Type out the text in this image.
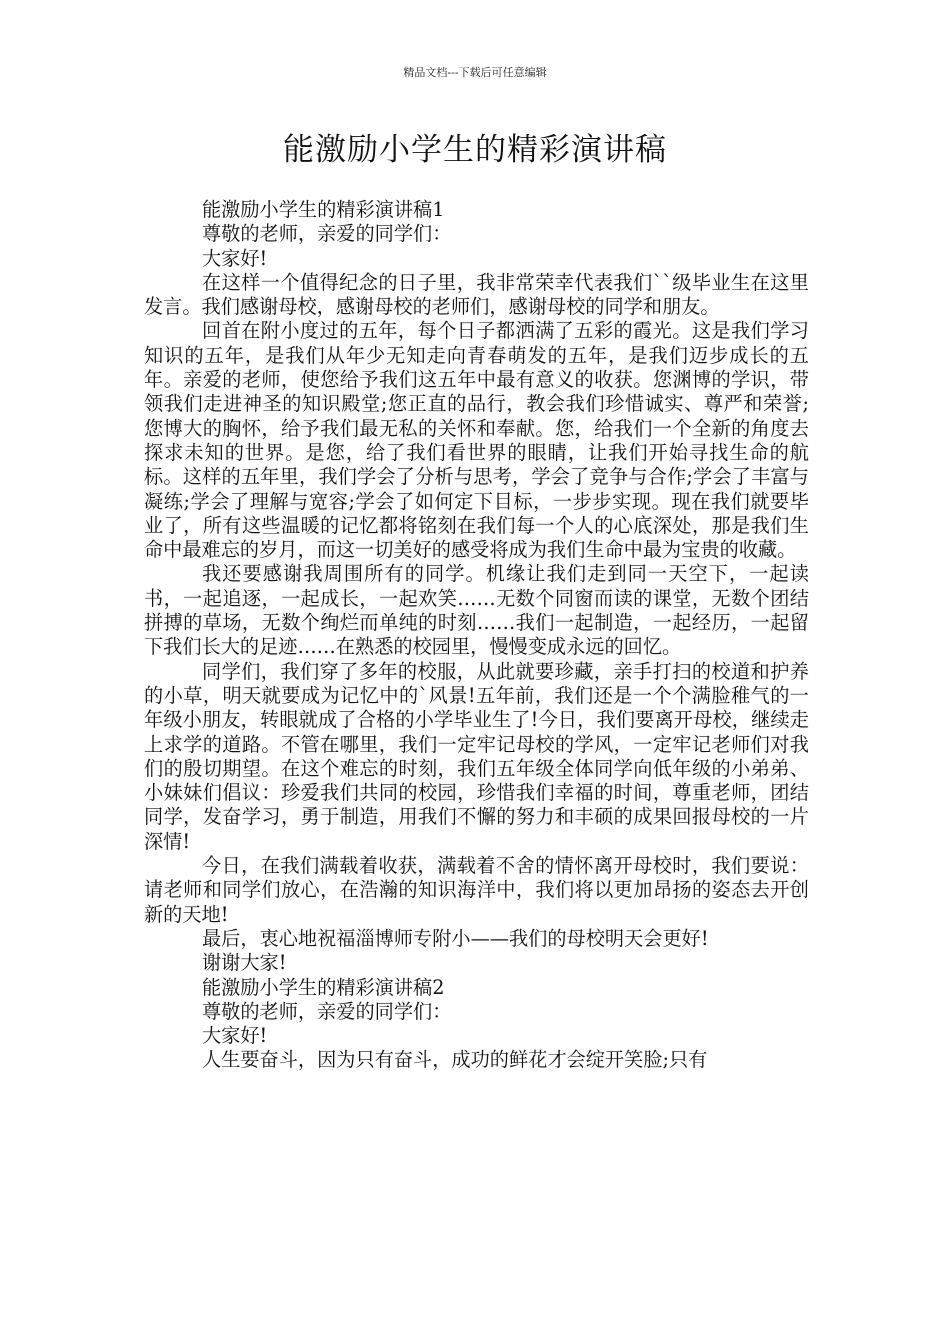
精品文档---下载后可任意编辑
能激励小学生的精彩演讲稿

能激励小学生的精彩演讲稿1

尊敬的老师，亲爱的同学们：

大家好!

在这样一个值得纪念的日子里，我非常荣幸代表我们``级毕业生在这里发言。我们感谢母校，感谢母校的老师们，感谢母校的同学和朋友。

回首在附小度过的五年，每个日子都洒满了五彩的霞光。这是我们学习知识的五年，是我们从年少无知走向青春萌发的五年，是我们迈步成长的五年。亲爱的老师，使您给予我们这五年中最有意义的收获。您渊博的学识，带领我们走进神圣的知识殿堂;您正直的品行，教会我们珍惜诚实、尊严和荣誉;您博大的胸怀，给予我们最无私的关怀和奉献。您，给我们一个全新的角度去探求未知的世界。是您，给了我们看世界的眼睛，让我们开始寻找生命的航标。这样的五年里，我们学会了分析与思考，学会了竞争与合作;学会了丰富与凝练;学会了理解与宽容;学会了如何定下目标，一步步实现。现在我们就要毕业了，所有这些温暖的记忆都将铭刻在我们每一个人的心底深处，那是我们生命中最难忘的岁月，而这一切美好的感受将成为我们生命中最为宝贵的收藏。

我还要感谢我周围所有的同学。机缘让我们走到同一天空下，一起读书，一起追逐，一起成长，一起欢笑……无数个同窗而读的课堂，无数个团结拼搏的草场，无数个绚烂而单纯的时刻……我们一起制造，一起经历，一起留下我们长大的足迹……在熟悉的校园里，慢慢变成永远的回忆。

同学们，我们穿了多年的校服，从此就要珍藏，亲手打扫的校道和护养的小草，明天就要成为记忆中的`风景!五年前，我们还是一个个满脸稚气的一年级小朋友，转眼就成了合格的小学毕业生了!今日，我们要离开母校，继续走上求学的道路。不管在哪里，我们一定牢记母校的学风，一定牢记老师们对我们的殷切期望。在这个难忘的时刻，我们五年级全体同学向低年级的小弟弟、小妹妹们倡议：珍爱我们共同的校园，珍惜我们幸福的时间，尊重老师，团结同学，发奋学习，勇于制造，用我们不懈的努力和丰硕的成果回报母校的一片深情!

今日，在我们满载着收获，满载着不舍的情怀离开母校时，我们要说：请老师和同学们放心，在浩瀚的知识海洋中，我们将以更加昂扬的姿态去开创新的天地!

最后，衷心地祝福淄博师专附小——我们的母校明天会更好!

谢谢大家!

能激励小学生的精彩演讲稿2

尊敬的老师，亲爱的同学们：

大家好!

人生要奋斗，因为只有奋斗，成功的鲜花才会绽开笑脸;只有
